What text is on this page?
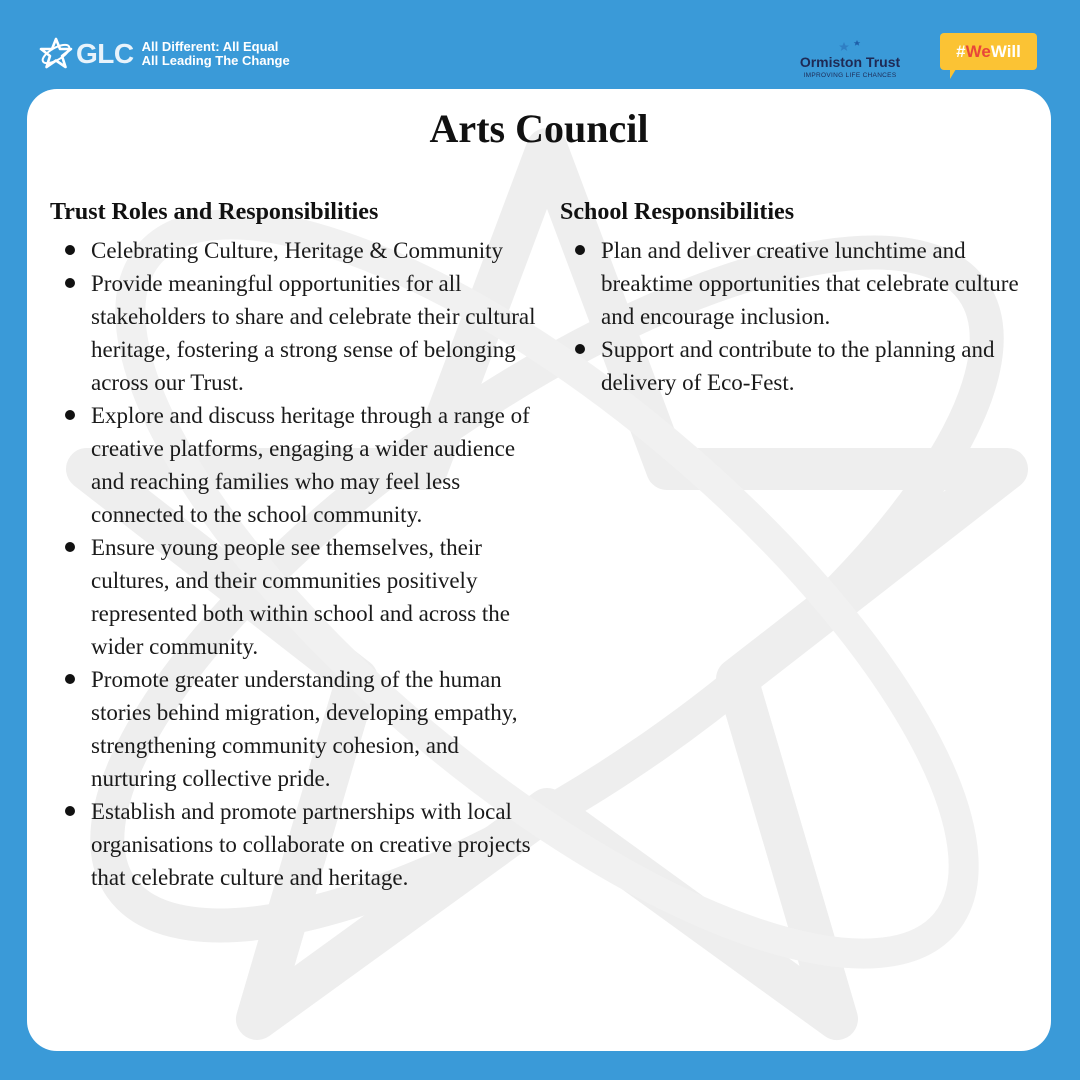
GLC All Different: All Equal
All Leading The Change	Ormiston Trust
IMPROVING LIFE CHANCES
# We Will
Arts Council
Trust Roles and Responsibilities
Celebrating Culture, Heritage & Community
Provide meaningful opportunities for all stakeholders to share and celebrate their cultural heritage, fostering a strong sense of belonging across our Trust.
Explore and discuss heritage through a range of creative platforms, engaging a wider audience and reaching families who may feel less connected to the school community.
Ensure young people see themselves, their cultures, and their communities positively represented both within school and across the wider community.
Promote greater understanding of the human stories behind migration, developing empathy, strengthening community cohesion, and nurturing collective pride.
Establish and promote partnerships with local organisations to collaborate on creative projects that celebrate culture and heritage.
School Responsibilities
Plan and deliver creative lunchtime and breaktime opportunities that celebrate culture and encourage inclusion.
Support and contribute to the planning and delivery of Eco-Fest.
